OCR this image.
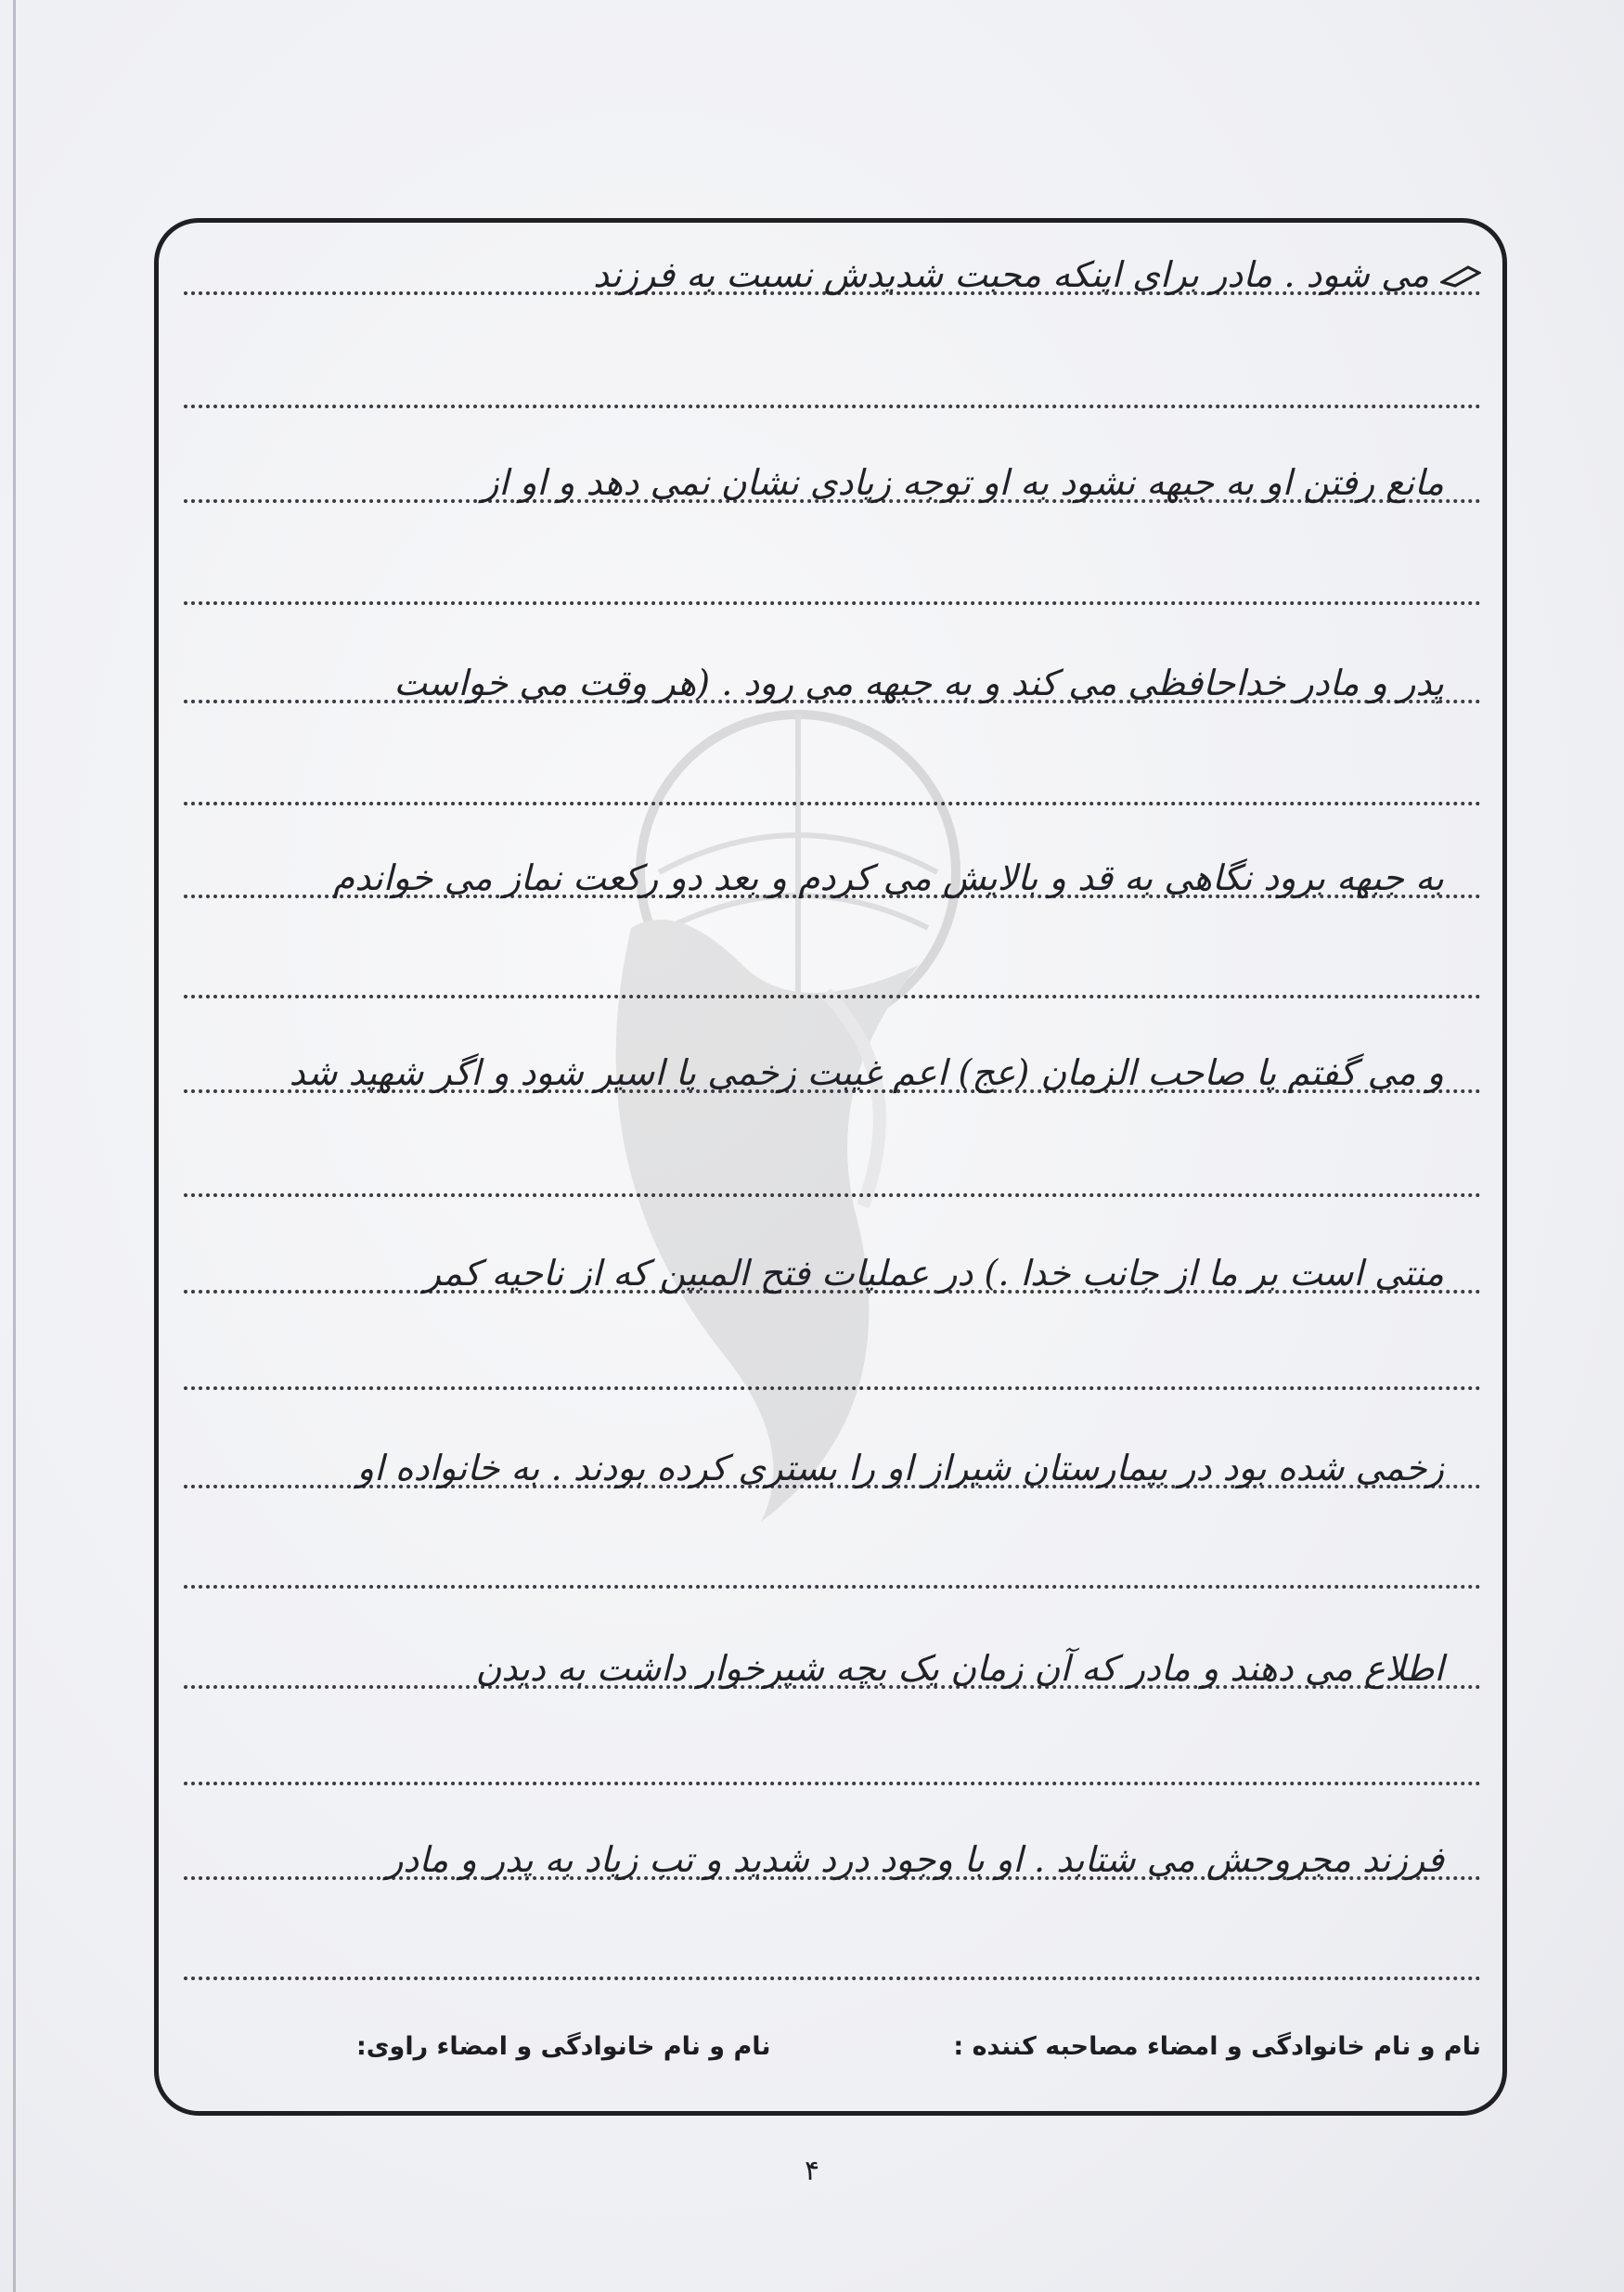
می شود . مادر برای اینکه محبت شدیدش نسبت به فرزند
مانع رفتن او به جبهه نشود به او توجه زیادی نشان نمی دهد و او از
پدر و مادر خداحافظی می کند و به جبهه می رود . (هر وقت می خواست
به جبهه برود نگاهی به قد و بالایش می کردم و بعد دو رکعت نماز می خواندم
و می گفتم یا صاحب الزمان (عج) اعم غیبت زخمی یا اسیر شود و اگر شهید شد
منتی است بر ما از جانب خدا .) در عملیات فتح المبین که از ناحیه کمر
زخمی شده بود در بیمارستان شیراز او را بستری کرده بودند . به خانواده او
اطلاع می دهند و مادر که آن زمان یک بچه شیرخوار داشت به دیدن
فرزند مجروحش می شتابد . او با وجود درد شدید و تب زیاد به پدر و مادر
نام و نام خانوادگی و امضاء مصاحبه کننده :
نام و نام خانوادگی و امضاء راوی:
۴
